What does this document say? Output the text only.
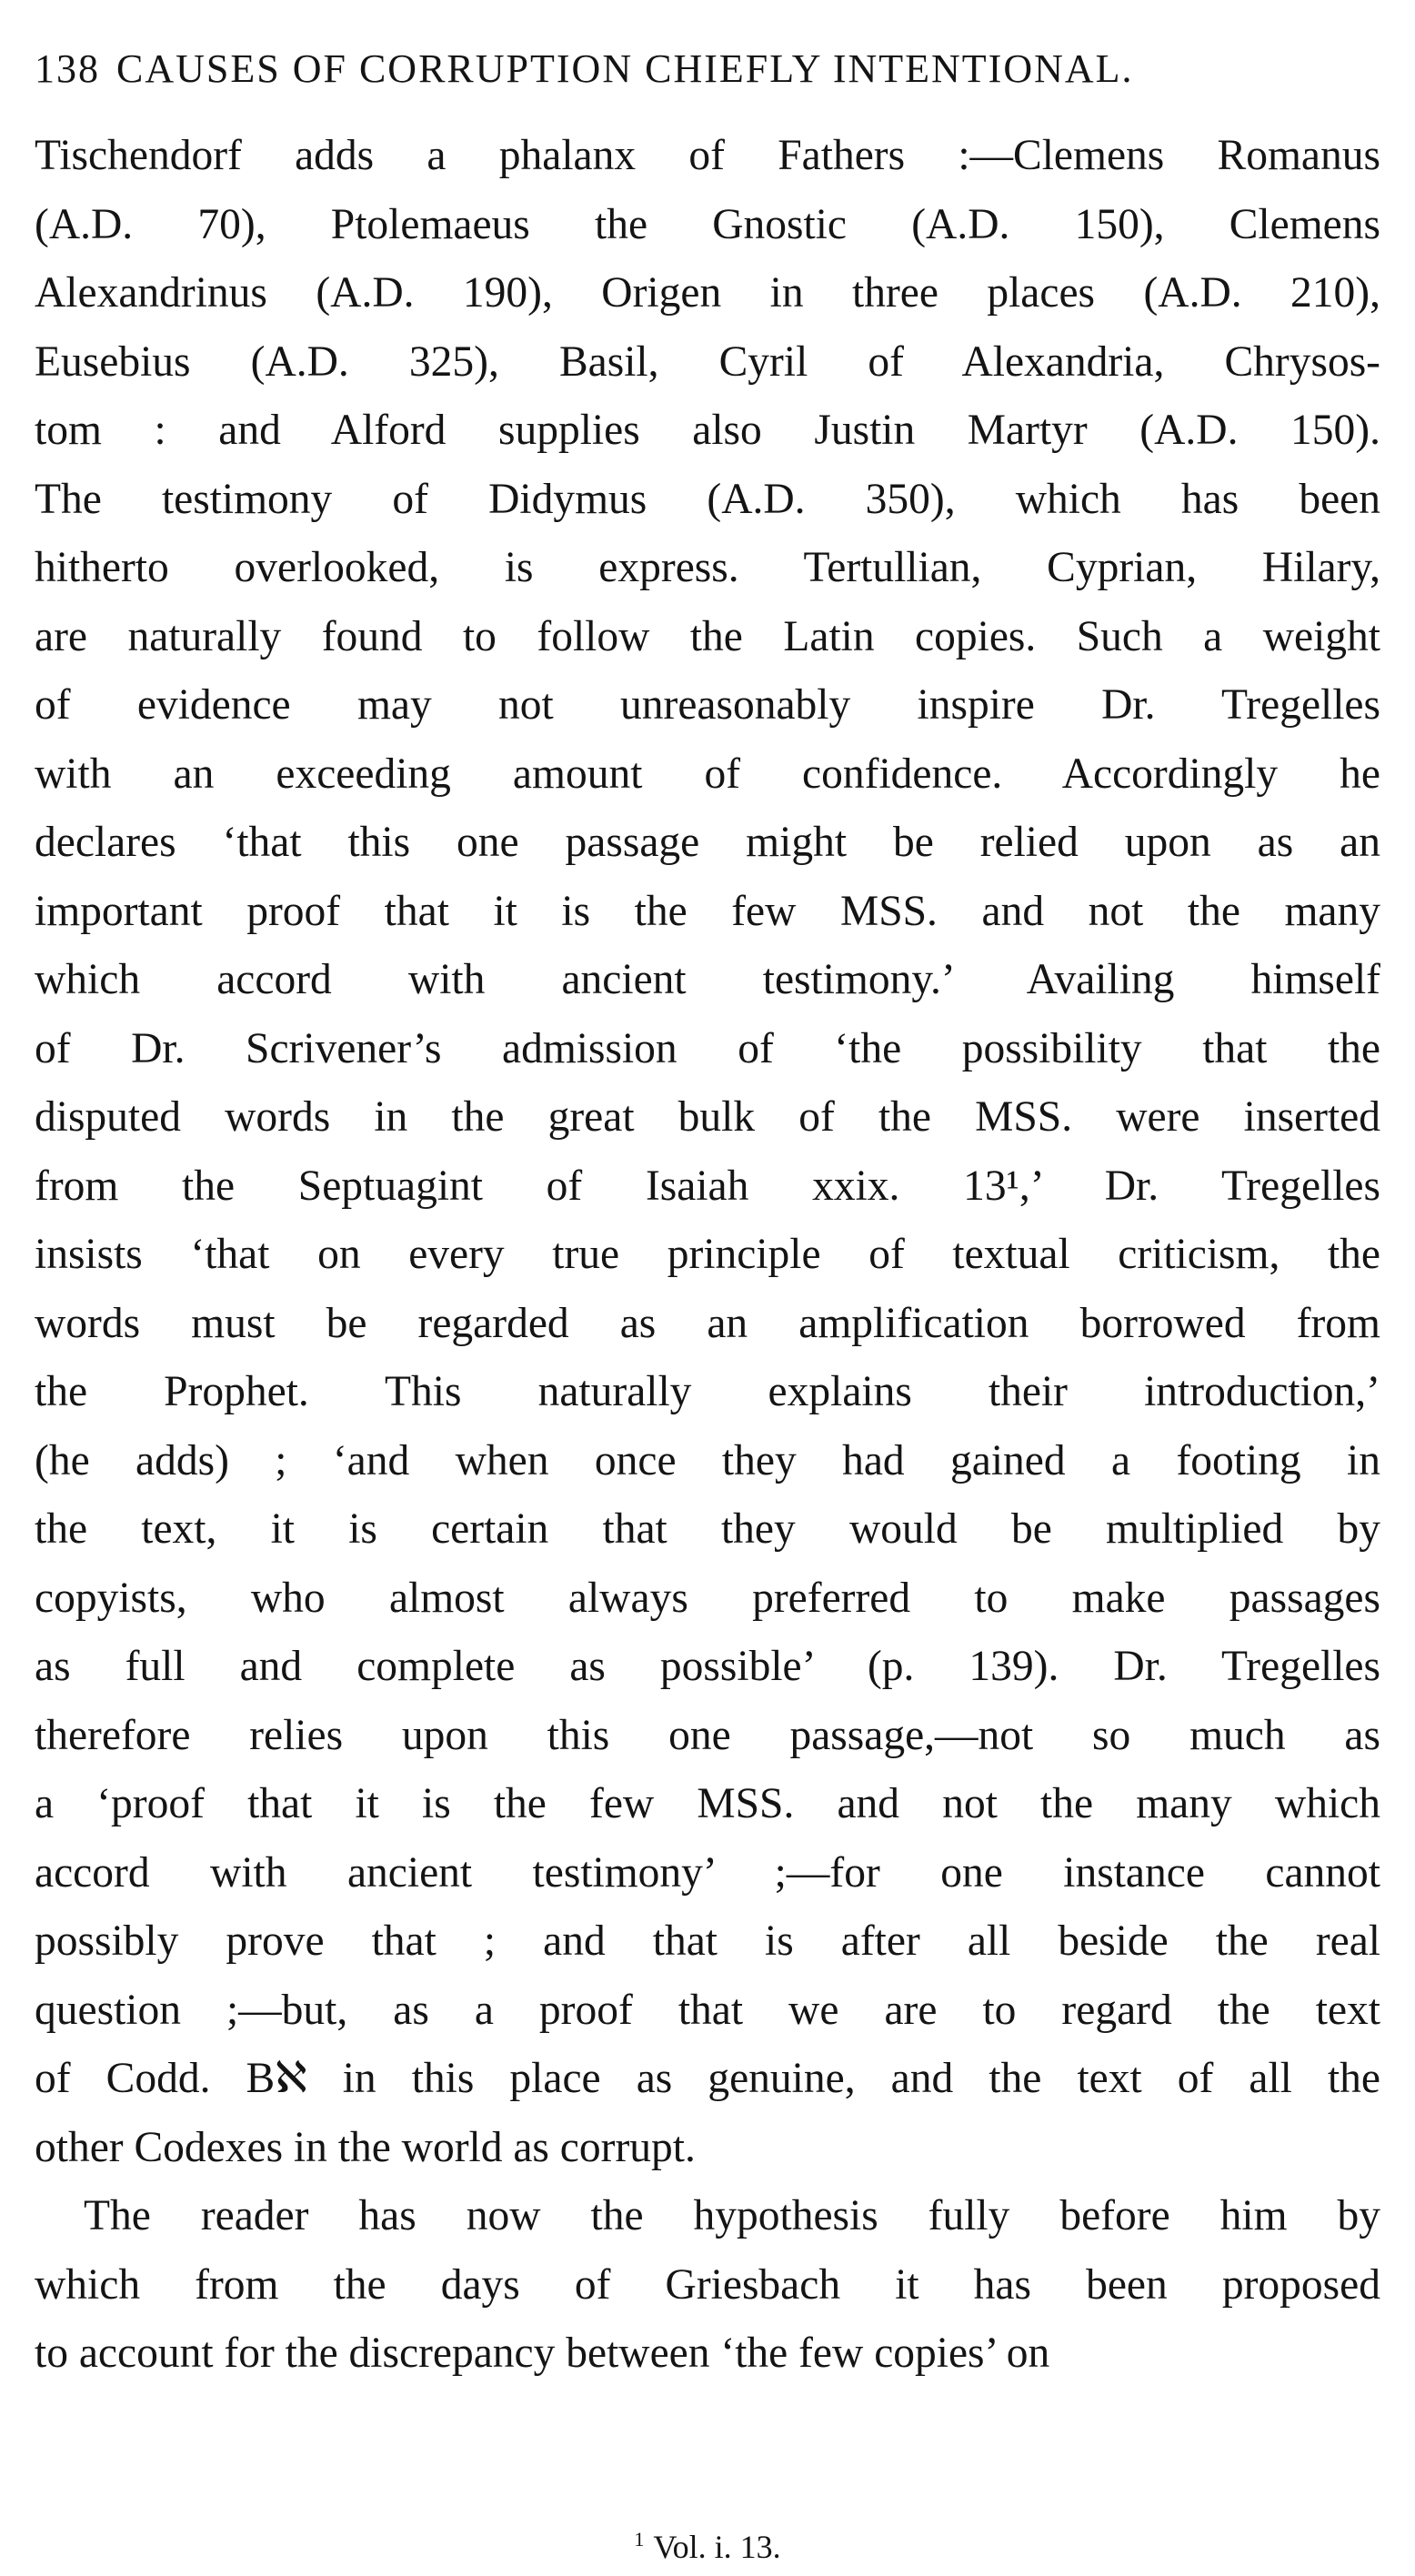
138 CAUSES OF CORRUPTION CHIEFLY INTENTIONAL.
Tischendorf adds a phalanx of Fathers :—Clemens Romanus
(A.D. 70), Ptolemaeus the Gnostic (A.D. 150), Clemens
Alexandrinus (A.D. 190), Origen in three places (A.D. 210),
Eusebius (A.D. 325), Basil, Cyril of Alexandria, Chrysos-
tom : and Alford supplies also Justin Martyr (A.D. 150).
The testimony of Didymus (A.D. 350), which has been
hitherto overlooked, is express. Tertullian, Cyprian, Hilary,
are naturally found to follow the Latin copies. Such a weight
of evidence may not unreasonably inspire Dr. Tregelles
with an exceeding amount of confidence. Accordingly he
declares ‘that this one passage might be relied upon as an
important proof that it is the few MSS. and not the many
which accord with ancient testimony.’ Availing himself
of Dr. Scrivener’s admission of ‘the possibility that the
disputed words in the great bulk of the MSS. were inserted
from the Septuagint of Isaiah xxix. 13¹,’ Dr. Tregelles
insists ‘that on every true principle of textual criticism, the
words must be regarded as an amplification borrowed from
the Prophet. This naturally explains their introduction,’
(he adds) ; ‘and when once they had gained a footing in
the text, it is certain that they would be multiplied by
copyists, who almost always preferred to make passages
as full and complete as possible’ (p. 139). Dr. Tregelles
therefore relies upon this one passage,—not so much as
a ‘proof that it is the few MSS. and not the many which
accord with ancient testimony’ ;—for one instance cannot
possibly prove that ; and that is after all beside the real
question ;—but, as a proof that we are to regard the text
of Codd. Bℵ in this place as genuine, and the text of all the
other Codexes in the world as corrupt.
The reader has now the hypothesis fully before him by
which from the days of Griesbach it has been proposed
to account for the discrepancy between ‘the few copies’ on
$^1$ Vol. i. 13.
